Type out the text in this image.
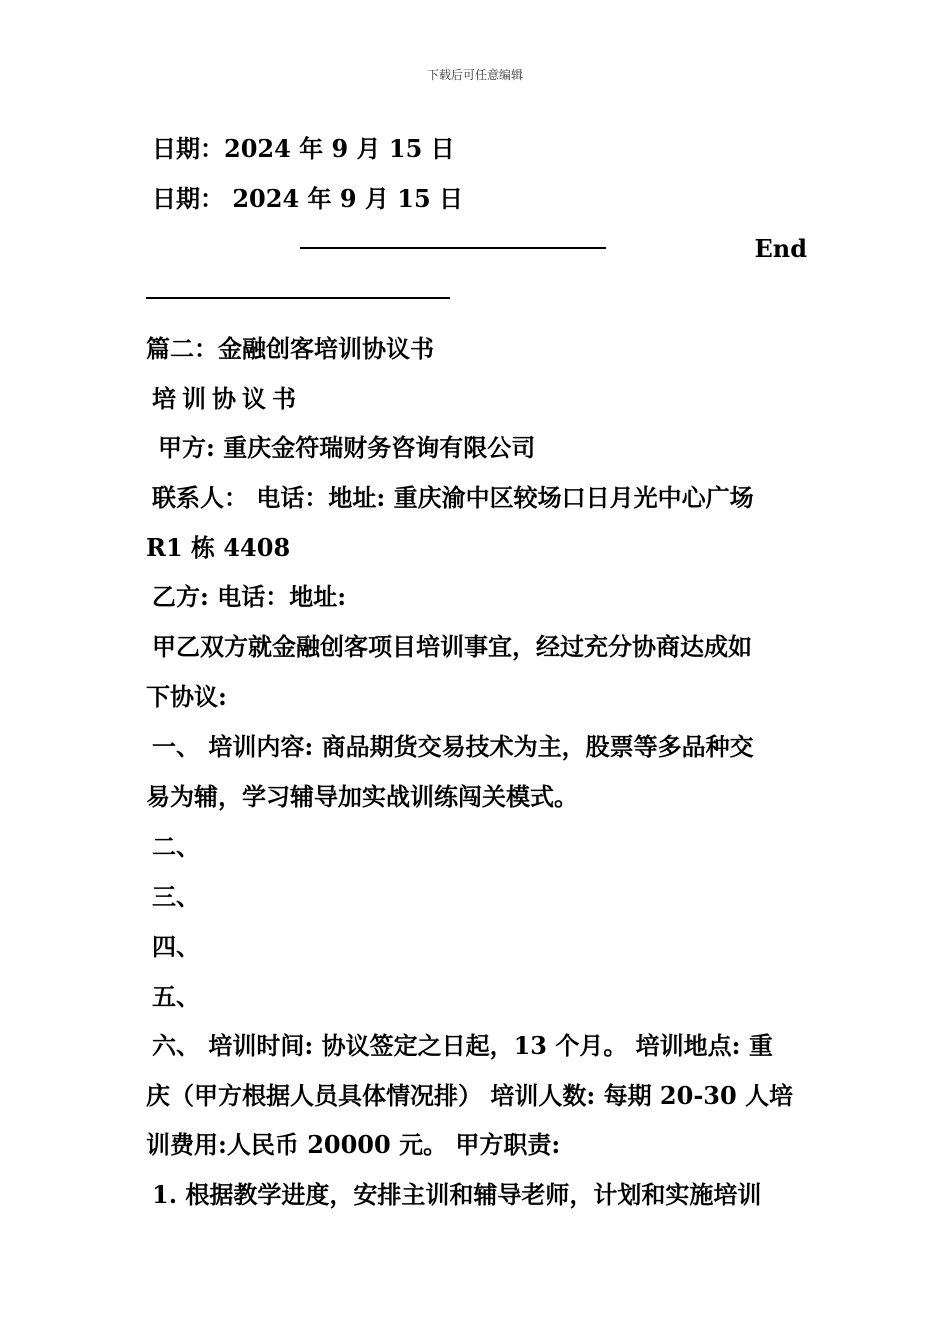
下载后可任意编辑
日期：2024 年 9 月 15 日
日期： 2024 年 9 月 15 日
End
篇二：金融创客培训协议书
培训协议书
甲方: 重庆金符瑞财务咨询有限公司
联系人： 电话：地址: 重庆渝中区较场口日月光中心广场
R1 栋 4408
乙方: 电话：地址:
甲乙双方就金融创客项目培训事宜，经过充分协商达成如
下协议:
一、 培训内容: 商品期货交易技术为主，股票等多品种交
易为辅，学习辅导加实战训练闯关模式。
二、
三、
四、
五、
六、 培训时间: 协议签定之日起，13 个月。 培训地点: 重
庆（甲方根据人员具体情况排） 培训人数: 每期 20-30 人培
训费用:人民币 20000 元。 甲方职责:
1. 根据教学进度，安排主训和辅导老师，计划和实施培训
